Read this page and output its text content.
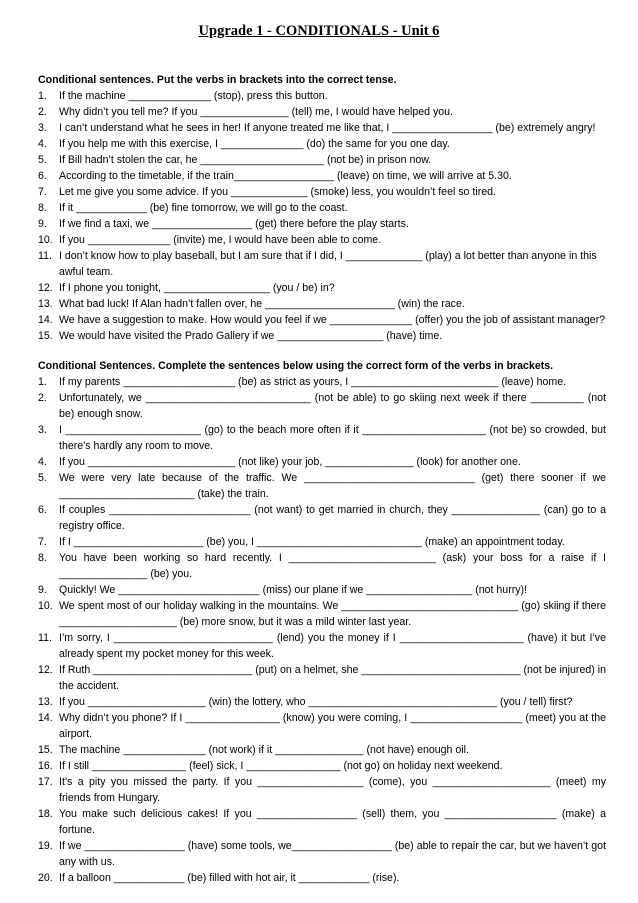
Upgrade 1 - CONDITIONALS - Unit 6

Conditional sentences. Put the verbs in brackets into the correct tense.

1. If the machine ______________ (stop), press this button.
2. Why didn’t you tell me? If you _______________ (tell) me, I would have helped you.
3. I can’t understand what he sees in her! If anyone treated me like that, I _________________ (be) extremely angry!
4. If you help me with this exercise, I ______________ (do) the same for you one day.
5. If Bill hadn’t stolen the car, he _____________________ (not be) in prison now.
6. According to the timetable, if the train_________________ (leave) on time, we will arrive at 5.30.
7. Let me give you some advice. If you _____________ (smoke) less, you wouldn’t feel so tired.
8. If it ____________ (be) fine tomorrow, we will go to the coast.
9. If we find a taxi, we _________________ (get) there before the play starts.
10. If you ______________ (invite) me, I would have been able to come.
11. I don’t know how to play baseball, but I am sure that if I did, I _____________ (play) a lot better than anyone in this awful team.
12. If I phone you tonight, __________________ (you / be) in?
13. What bad luck! If Alan hadn’t fallen over, he ______________________ (win) the race.
14. We have a suggestion to make. How would you feel if we ______________ (offer) you the job of assistant manager?
15. We would have visited the Prado Gallery if we __________________ (have) time.

Conditional Sentences. Complete the sentences below using the correct form of the verbs in brackets.

1. If my parents ___________________ (be) as strict as yours, I _________________________ (leave) home.
2. Unfortunately, we ____________________________ (not be able) to go skiing next week if there _________ (not be) enough snow.
3. I _______________________ (go) to the beach more often if it _____________________ (not be) so crowded, but there’s hardly any room to move.
4. If you _________________________ (not like) your job, _______________ (look) for another one.
5. We were very late because of the traffic. We _____________________________ (get) there sooner if we _______________________ (take) the train.
6. If couples ________________________ (not want) to get married in church, they _______________ (can) go to a registry office.
7. If I ______________________ (be) you, I ____________________________ (make) an appointment today.
8. You have been working so hard recently. I _________________________ (ask) your boss for a raise if I _______________ (be) you.
9. Quickly! We ________________________ (miss) our plane if we __________________ (not hurry)!
10. We spent most of our holiday walking in the mountains. We ______________________________ (go) skiing if there ____________________ (be) more snow, but it was a mild winter last year.
11. I’m sorry, I ___________________________ (lend) you the money if I _____________________ (have) it but I’ve already spent my pocket money for this week.
12. If Ruth ___________________________ (put) on a helmet, she ___________________________ (not be injured) in the accident.
13. If you ____________________ (win) the lottery, who ________________________________ (you / tell) first?
14. Why didn’t you phone? If I ________________ (know) you were coming, I ___________________ (meet) you at the airport.
15. The machine ______________ (not work) if it _______________ (not have) enough oil.
16. If I still ________________ (feel) sick, I ________________ (not go) on holiday next weekend.
17. It’s a pity you missed the party. If you __________________ (come), you ____________________ (meet) my friends from Hungary.
18. You make such delicious cakes! If you _________________ (sell) them, you ___________________ (make) a fortune.
19. If we _________________ (have) some tools, we_________________ (be) able to repair the car, but we haven’t got any with us.
20. If a balloon ____________ (be) filled with hot air, it ____________ (rise).
